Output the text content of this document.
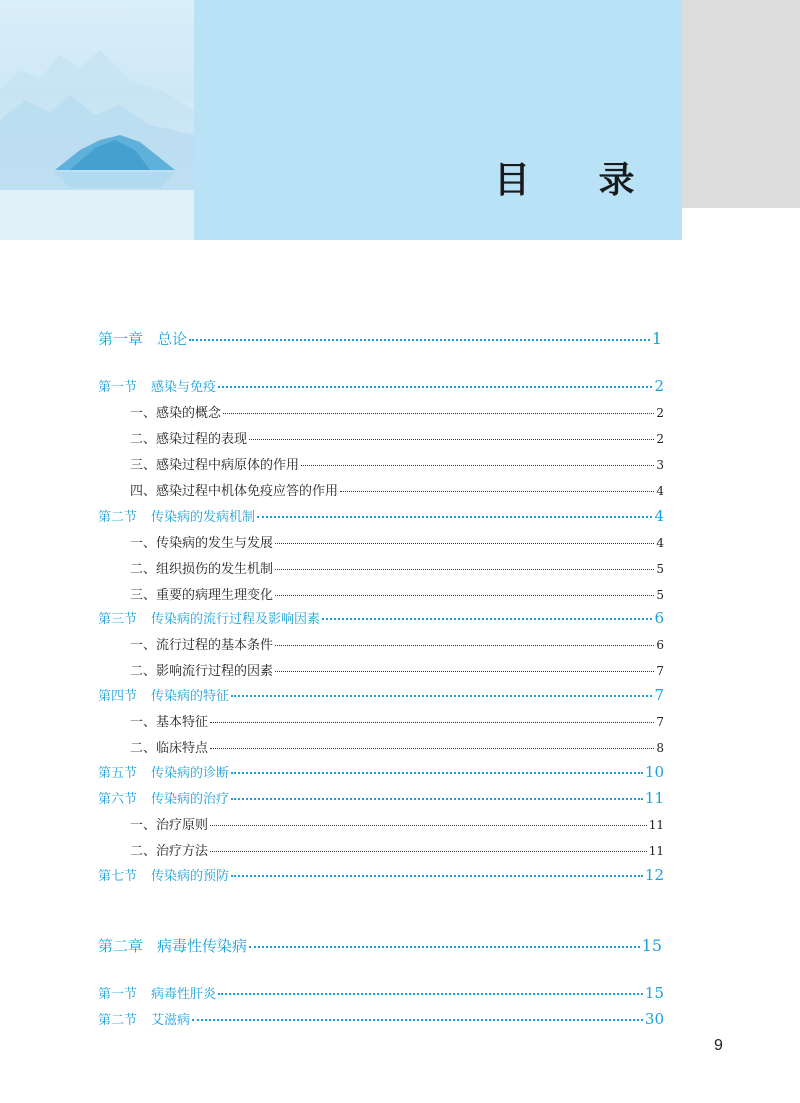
目 录
第一章 总论	1
第一节 感染与免疫	2
一、感染的概念	2
二、感染过程的表现	2
三、感染过程中病原体的作用	3
四、感染过程中机体免疫应答的作用	4
第二节 传染病的发病机制	4
一、传染病的发生与发展	4
二、组织损伤的发生机制	5
三、重要的病理生理变化	5
第三节 传染病的流行过程及影响因素	6
一、流行过程的基本条件	6
二、影响流行过程的因素	7
第四节 传染病的特征	7
一、基本特征	7
二、临床特点	8
第五节 传染病的诊断	10
第六节 传染病的治疗	11
一、治疗原则	11
二、治疗方法	11
第七节 传染病的预防	12
第二章 病毒性传染病	15
第一节 病毒性肝炎	15
第二节 艾滋病	30
9
